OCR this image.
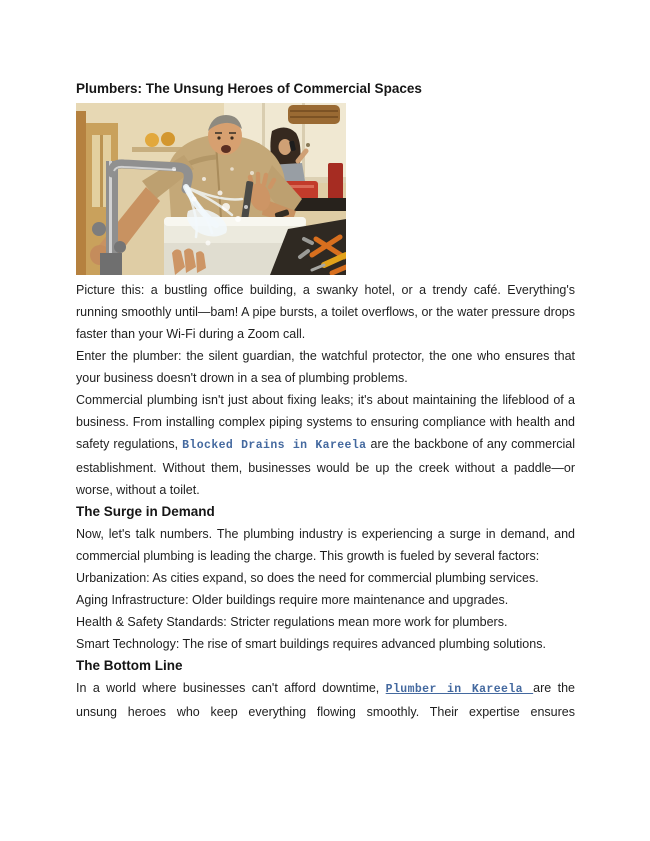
Plumbers: The Unsung Heroes of Commercial Spaces

Picture this: a bustling office building, a swanky hotel, or a trendy café. Everything's running smoothly until—bam! A pipe bursts, a toilet overflows, or the water pressure drops faster than your Wi-Fi during a Zoom call.

Enter the plumber: the silent guardian, the watchful protector, the one who ensures that your business doesn't drown in a sea of plumbing problems.

Commercial plumbing isn't just about fixing leaks; it's about maintaining the lifeblood of a business. From installing complex piping systems to ensuring compliance with health and safety regulations, Blocked Drains in Kareela are the backbone of any commercial establishment. Without them, businesses would be up the creek without a paddle—or worse, without a toilet.

The Surge in Demand

Now, let's talk numbers. The plumbing industry is experiencing a surge in demand, and commercial plumbing is leading the charge. This growth is fueled by several factors:

Urbanization: As cities expand, so does the need for commercial plumbing services.

Aging Infrastructure: Older buildings require more maintenance and upgrades.

Health & Safety Standards: Stricter regulations mean more work for plumbers.

Smart Technology: The rise of smart buildings requires advanced plumbing solutions.

The Bottom Line

In a world where businesses can't afford downtime, Plumber in Kareela are the unsung heroes who keep everything flowing smoothly. Their expertise ensures
